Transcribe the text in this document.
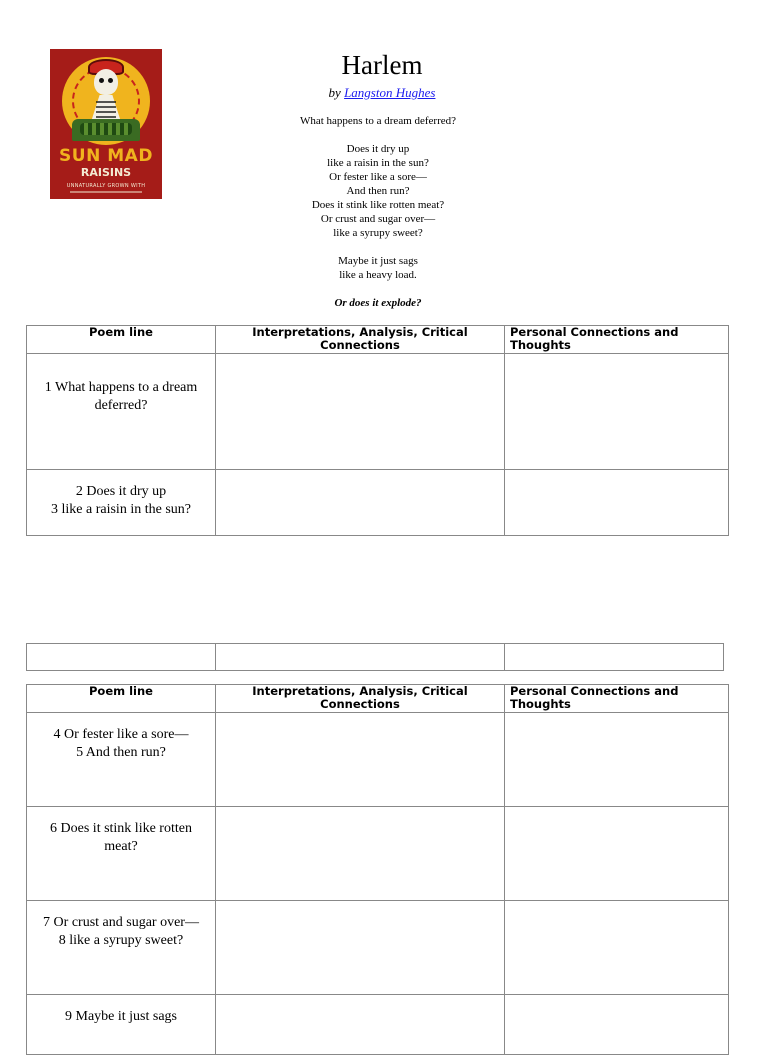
SUN MAD
RAISINS
UNNATURALLY GROWN WITH
Harlem
by Langston Hughes
What happens to a dream deferred?
Does it dry up
like a raisin in the sun?
Or fester like a sore—
And then run?
Does it stink like rotten meat?
Or crust and sugar over—
like a syrupy sweet?
Maybe it just sags
like a heavy load.
Or does it explode?
Poem line	Interpretations, Analysis, Critical Connections	Personal Connections and Thoughts

1 What happens to a dream deferred?		

2 Does it dry up
3 like a raisin in the sun?		

Poem line	Interpretations, Analysis, Critical Connections	Personal Connections and Thoughts

4 Or fester like a sore—
5 And then run?		

6 Does it stink like rotten meat?		

7 Or crust and sugar over—
8 like a syrupy sweet?		

9 Maybe it just sags		
